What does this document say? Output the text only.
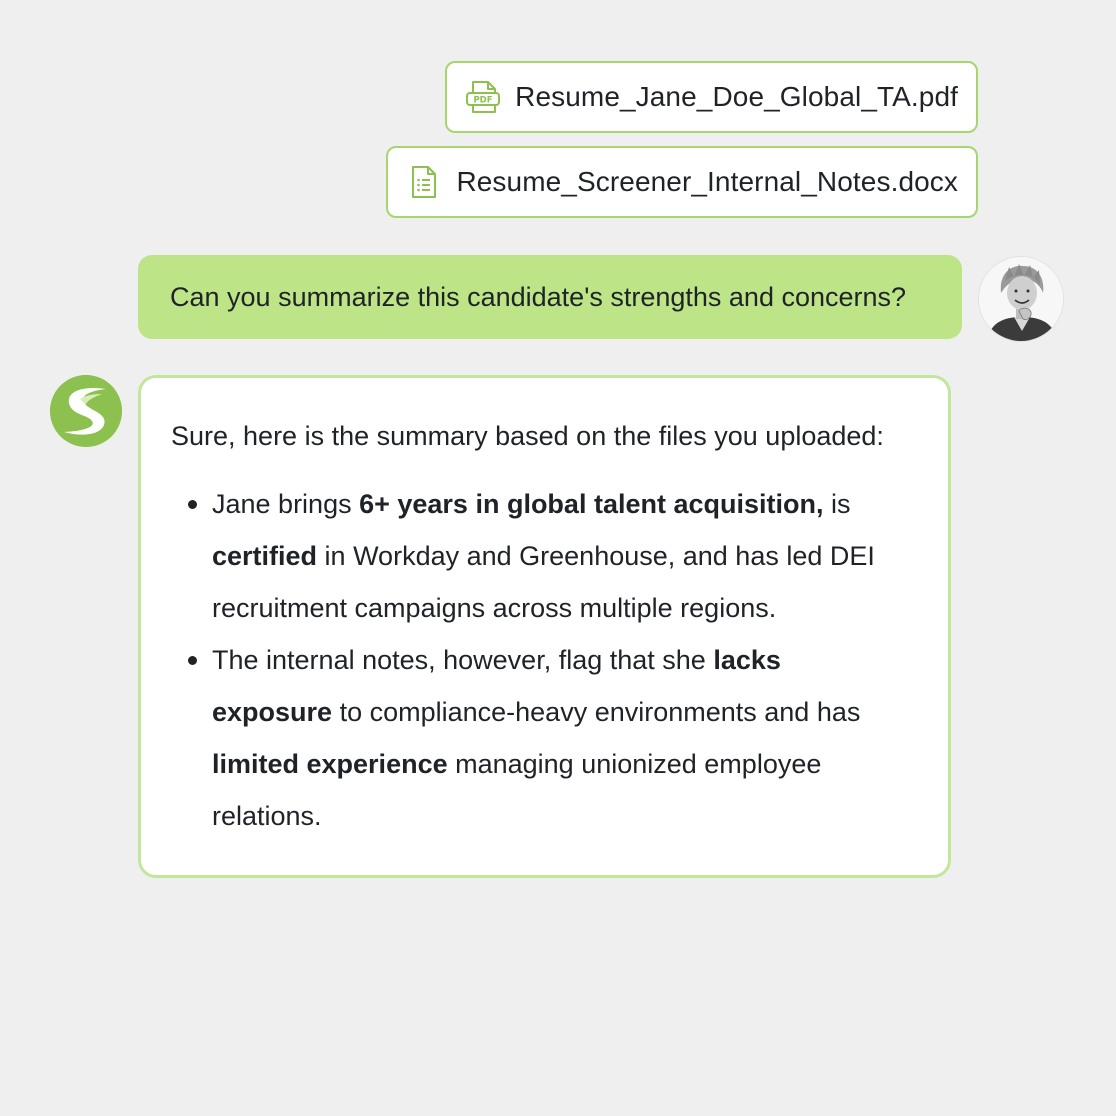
PDF Resume_Jane_Doe_Global_TA.pdf
Resume_Screener_Internal_Notes.docx
Can you summarize this candidate's strengths and concerns?

Sure, here is the summary based on the files you uploaded:

Jane brings 6+ years in global talent acquisition, is
certified in Workday and Greenhouse, and has led DEI
recruitment campaigns across multiple regions.
The internal notes, however, flag that she lacks
exposure to compliance-heavy environments and has
limited experience managing unionized employee
relations.
